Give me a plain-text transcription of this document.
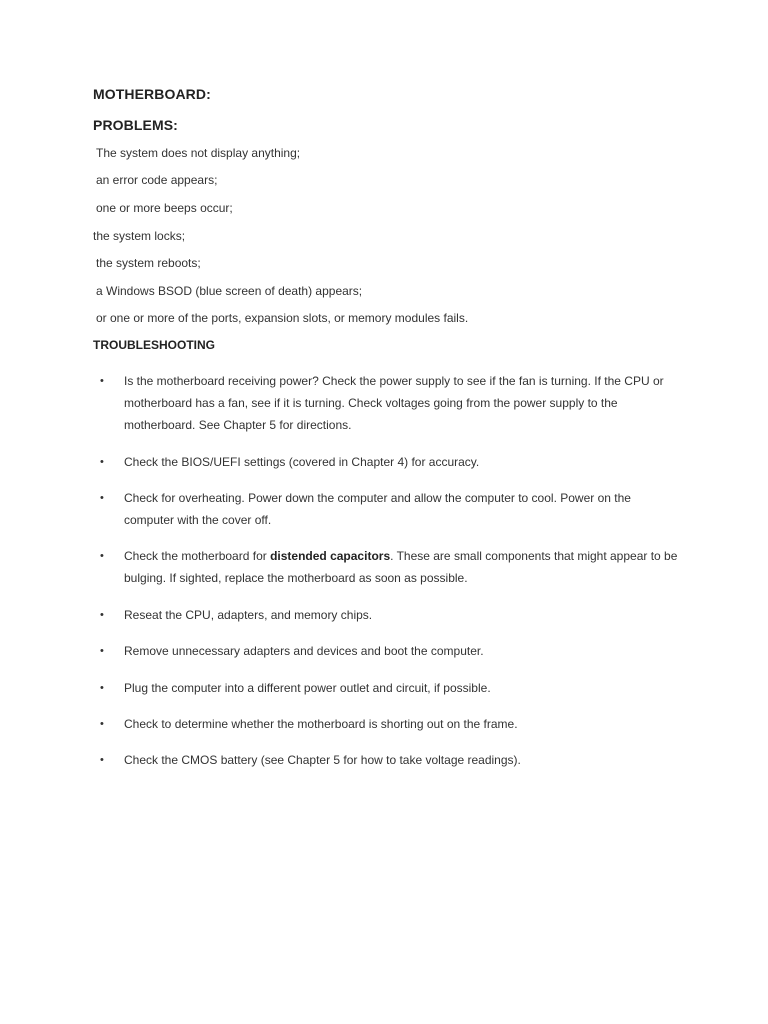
MOTHERBOARD:
PROBLEMS:

The system does not display anything;

an error code appears;

one or more beeps occur;

the system locks;

the system reboots;

a Windows BSOD (blue screen of death) appears;

or one or more of the ports, expansion slots, or memory modules fails.

TROUBLESHOOTING
• Is the motherboard receiving power? Check the power supply to see if the fan is turning. If the CPU or motherboard has a fan, see if it is turning. Check voltages going from the power supply to the motherboard. See Chapter 5 for directions.

• Check the BIOS/UEFI settings (covered in Chapter 4) for accuracy.

• Check for overheating. Power down the computer and allow the computer to cool. Power on the computer with the cover off.

• Check the motherboard for distended capacitors. These are small components that might appear to be bulging. If sighted, replace the motherboard as soon as possible.

• Reseat the CPU, adapters, and memory chips.

• Remove unnecessary adapters and devices and boot the computer.

• Plug the computer into a different power outlet and circuit, if possible.

• Check to determine whether the motherboard is shorting out on the frame.

• Check the CMOS battery (see Chapter 5 for how to take voltage readings).
